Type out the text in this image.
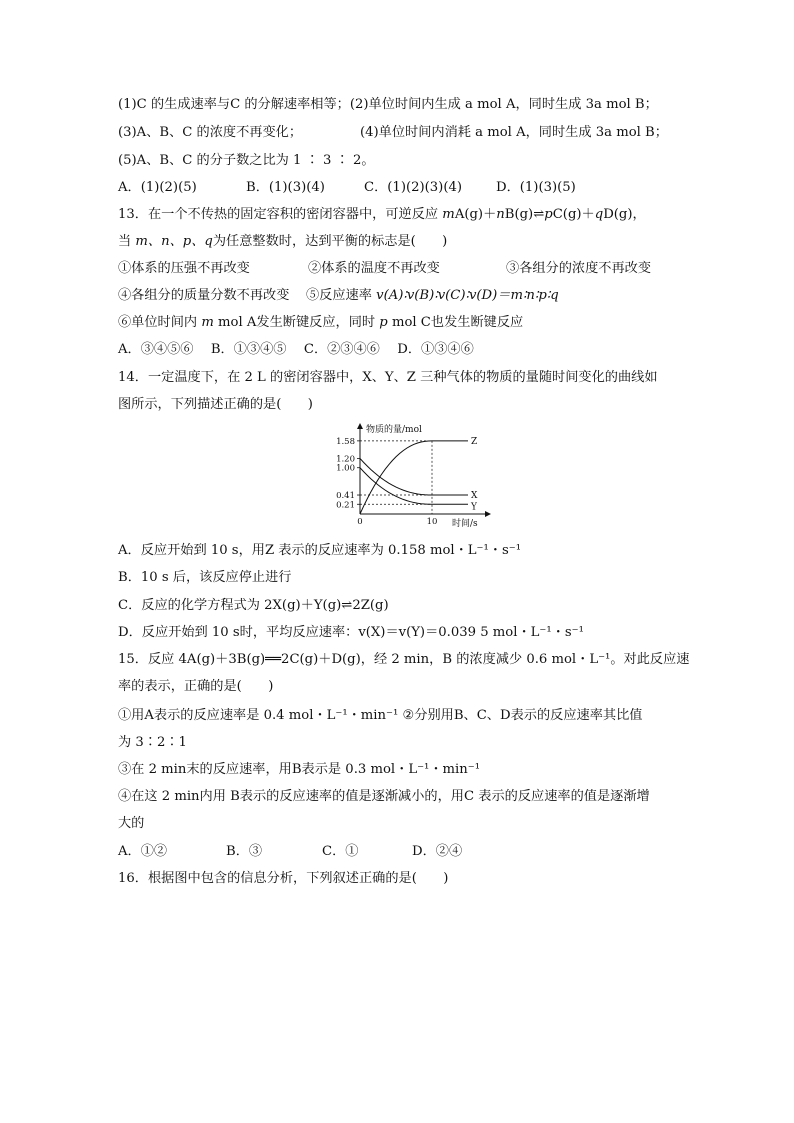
(1)C 的生成速率与C 的分解速率相等；(2)单位时间内生成 a mol A，同时生成 3a mol B；
(3)A、B、C 的浓度不再变化；	(4)单位时间内消耗 a mol A，同时生成 3a mol B；
(5)A、B、C 的分子数之比为 1 ∶ 3 ∶ 2。
A．(1)(2)(5)	B．(1)(3)(4)	C．(1)(2)(3)(4)	D．(1)(3)(5)
13．在一个不传热的固定容积的密闭容器中，可逆反应 mA(g)＋nB(g)⇌pC(g)＋qD(g)，
当 m、n、p、q为任意整数时，达到平衡的标志是(　　)
①体系的压强不再改变	②体系的温度不再改变	③各组分的浓度不再改变
④各组分的质量分数不再改变 ⑤反应速率 v(A)∶v(B)∶v(C)∶v(D)＝m∶n∶p∶q
⑥单位时间内 m mol A发生断键反应，同时 p mol C也发生断键反应
A．③④⑤⑥　 B．①③④⑤　 C．②③④⑥　 D．①③④⑥
14．一定温度下，在 2 L 的密闭容器中，X、Y、Z 三种气体的物质的量随时间变化的曲线如
图所示，下列描述正确的是(　　)
物质的量/mol
时间/s
1.58
1.20
1.00
0.41
0.21
0	10
Z
X
Y
A．反应开始到 10 s，用Z 表示的反应速率为 0.158 mol・L⁻¹・s⁻¹
B．10 s 后，该反应停止进行
C．反应的化学方程式为 2X(g)＋Y(g)⇌2Z(g)
D．反应开始到 10 s时，平均反应速率：v(X)＝v(Y)＝0.039 5 mol・L⁻¹・s⁻¹
15．反应 4A(g)＋3B(g)══2C(g)＋D(g)，经 2 min，B 的浓度减少 0.6 mol・L⁻¹。对此反应速
率的表示，正确的是(　　)
①用A表示的反应速率是 0.4 mol・L⁻¹・min⁻¹ ②分别用B、C、D表示的反应速率其比值
为 3∶2∶1
③在 2 min末的反应速率，用B表示是 0.3 mol・L⁻¹・min⁻¹
④在这 2 min内用 B表示的反应速率的值是逐渐减小的，用C 表示的反应速率的值是逐渐增
大的
A．①②	B．③	C．①	D．②④
16．根据图中包含的信息分析，下列叙述正确的是(　　)
